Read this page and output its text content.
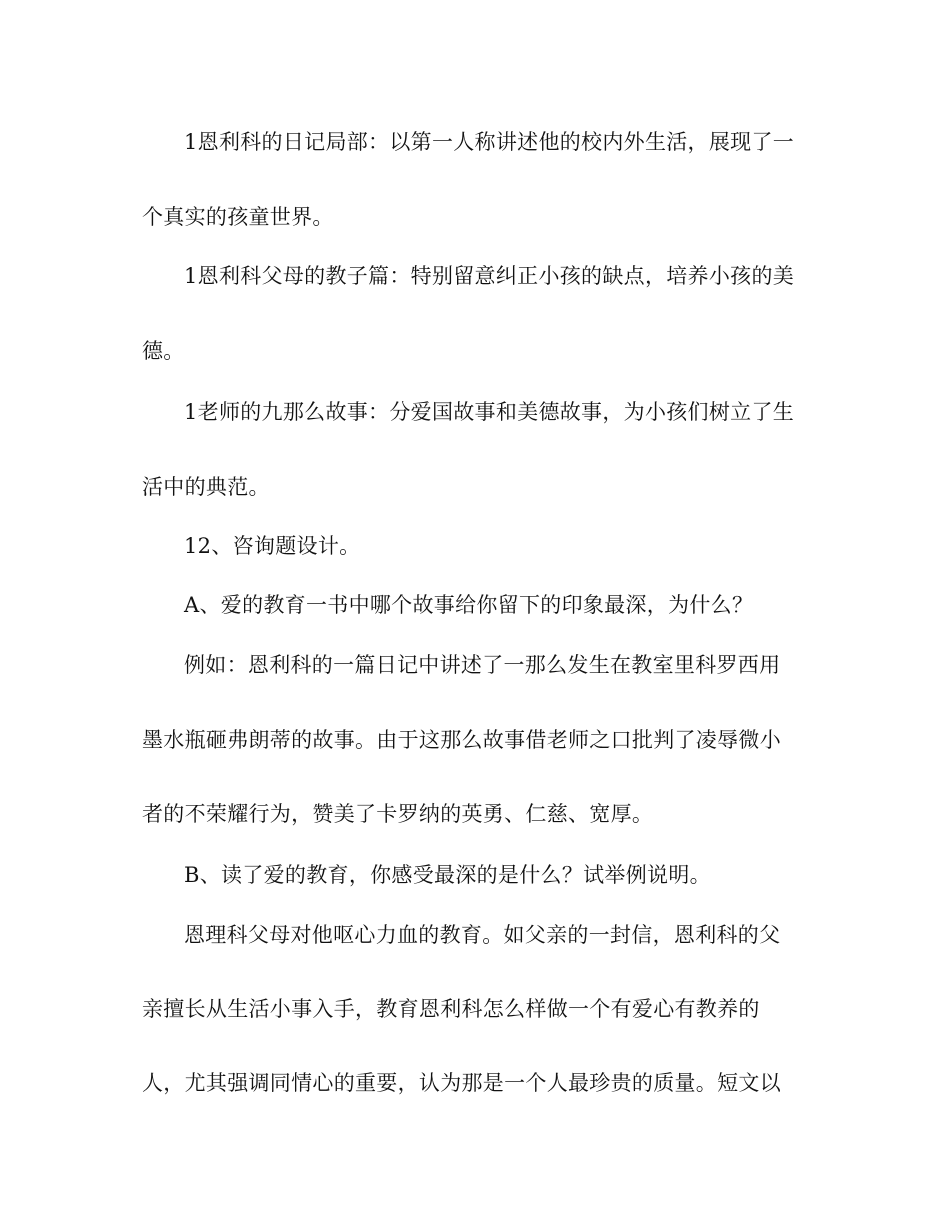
1恩利科的日记局部：以第一人称讲述他的校内外生活，展现了一
个真实的孩童世界。
1恩利科父母的教子篇：特别留意纠正小孩的缺点，培养小孩的美
德。
1老师的九那么故事：分爱国故事和美德故事，为小孩们树立了生
活中的典范。
12、咨询题设计。
A、爱的教育一书中哪个故事给你留下的印象最深，为什么？
例如：恩利科的一篇日记中讲述了一那么发生在教室里科罗西用
墨水瓶砸弗朗蒂的故事。由于这那么故事借老师之口批判了凌辱微小
者的不荣耀行为，赞美了卡罗纳的英勇、仁慈、宽厚。
B、读了爱的教育，你感受最深的是什么？试举例说明。
恩理科父母对他呕心力血的教育。如父亲的一封信，恩利科的父
亲擅长从生活小事入手，教育恩利科怎么样做一个有爱心有教养的
人，尤其强调同情心的重要，认为那是一个人最珍贵的质量。短文以
